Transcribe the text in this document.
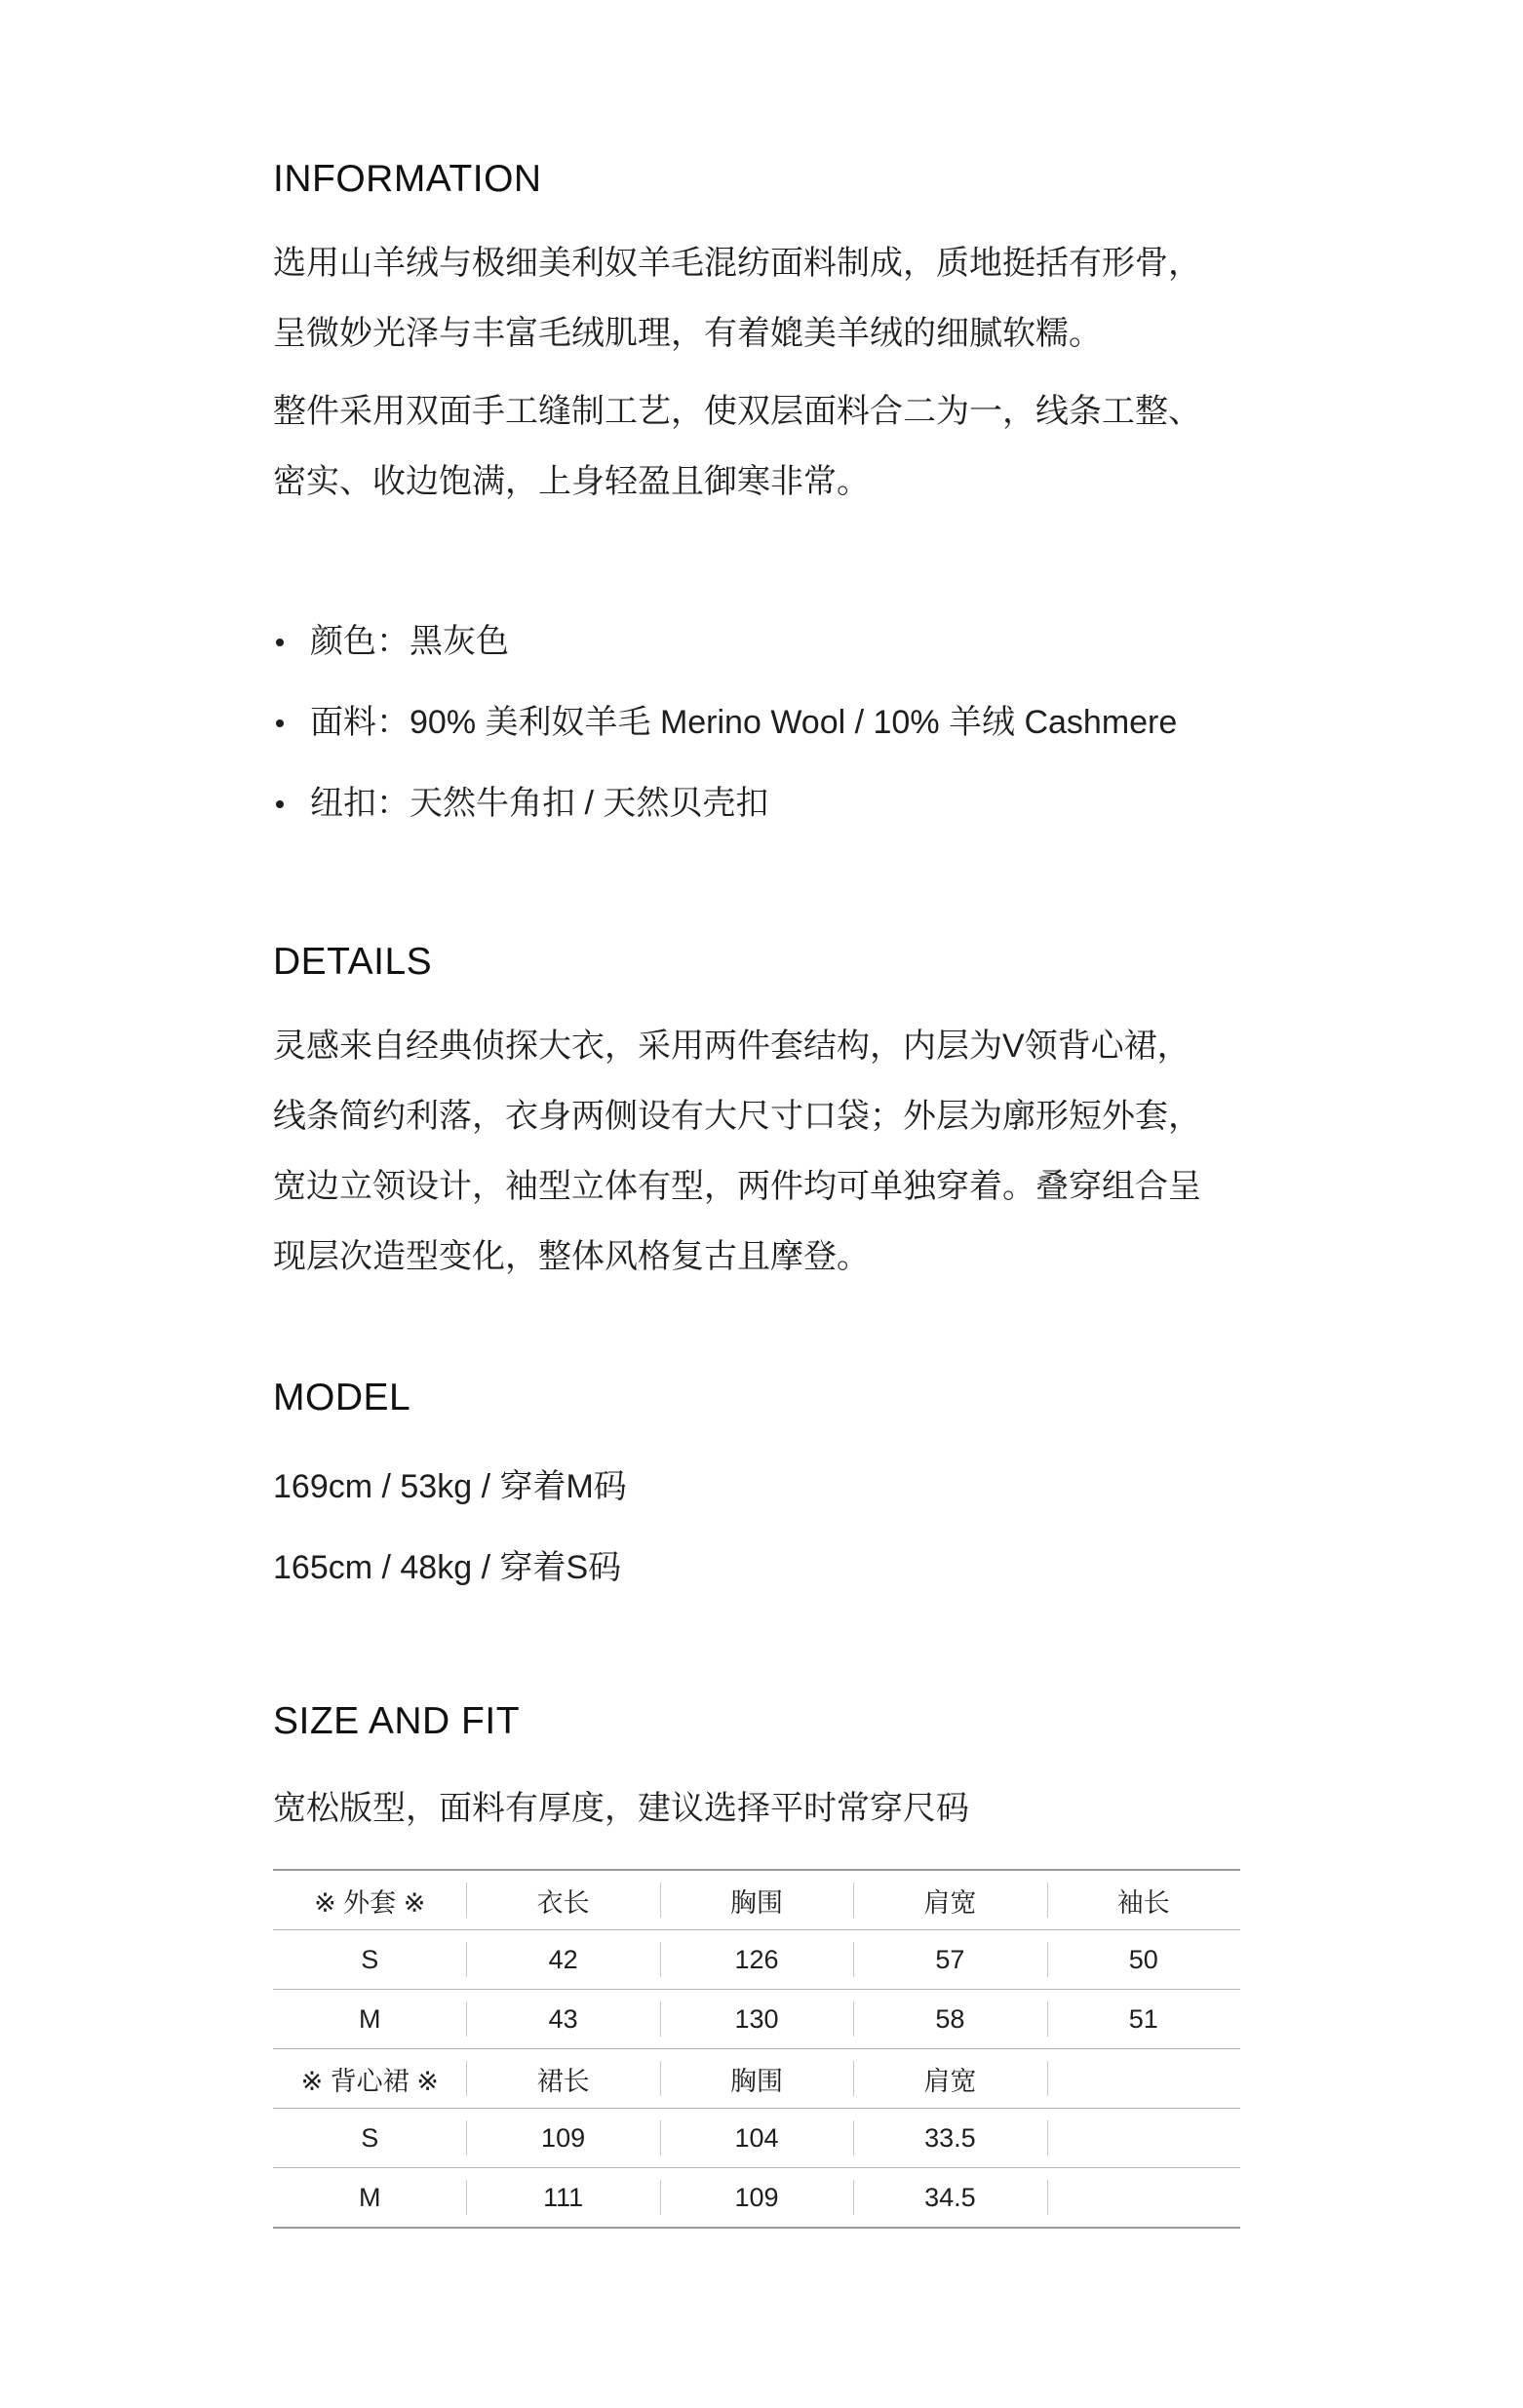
INFORMATION
选用山羊绒与极细美利奴羊毛混纺面料制成，质地挺括有形骨，
呈微妙光泽与丰富毛绒肌理，有着媲美羊绒的细腻软糯。
整件采用双面手工缝制工艺，使双层面料合二为一，线条工整、
密实、收边饱满，上身轻盈且御寒非常。
颜色：黑灰色
面料：90% 美利奴羊毛 Merino Wool / 10% 羊绒 Cashmere
纽扣：天然牛角扣 / 天然贝壳扣
DETAILS
灵感来自经典侦探大衣，采用两件套结构，内层为V领背心裙，
线条简约利落，衣身两侧设有大尺寸口袋；外层为廓形短外套，
宽边立领设计，袖型立体有型，两件均可单独穿着。叠穿组合呈
现层次造型变化，整体风格复古且摩登。
MODEL
169cm / 53kg / 穿着M码
165cm / 48kg / 穿着S码
SIZE AND FIT
宽松版型，面料有厚度，建议选择平时常穿尺码
※ 外套 ※	衣长	胸围	肩宽	袖长
S	42	126	57	50
M	43	130	58	51
※ 背心裙 ※	裙长	胸围	肩宽	
S	109	104	33.5	
M	111	109	34.5	
